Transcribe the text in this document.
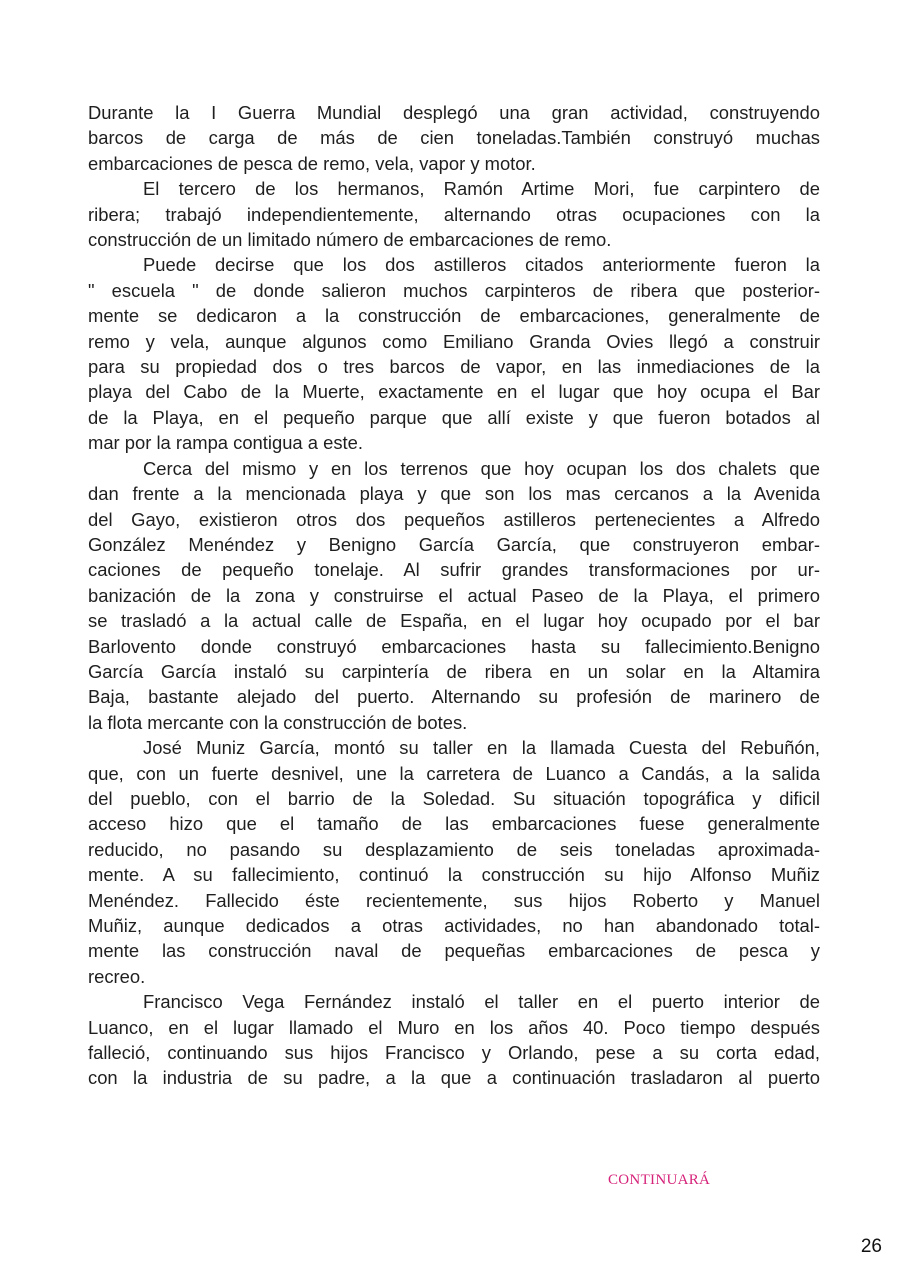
Durante la I Guerra Mundial desplegó una gran actividad, construyendo
barcos de carga de más de cien toneladas.También construyó muchas
embarcaciones de pesca de remo, vela, vapor y motor.
El tercero de los hermanos, Ramón Artime Mori, fue carpintero de
ribera; trabajó independientemente, alternando otras ocupaciones con la
construcción de un limitado número de embarcaciones de remo.
Puede decirse que los dos astilleros citados anteriormente fueron la
" escuela " de donde salieron muchos carpinteros de ribera que posterior-
mente se dedicaron a la construcción de embarcaciones, generalmente de
remo y vela, aunque algunos como Emiliano Granda Ovies llegó a construir
para su propiedad dos o tres barcos de vapor, en las inmediaciones de la
playa del Cabo de la Muerte, exactamente en el lugar que hoy ocupa el Bar
de la Playa, en el pequeño parque que allí existe y que fueron botados al
mar por la rampa contigua a este.
Cerca del mismo y en los terrenos que hoy ocupan los dos chalets que
dan frente a la mencionada playa y que son los mas cercanos a la Avenida
del Gayo, existieron otros dos pequeños astilleros pertenecientes a Alfredo
González Menéndez y Benigno García García, que construyeron embar-
caciones de pequeño tonelaje. Al sufrir grandes transformaciones por ur-
banización de la zona y construirse el actual Paseo de la Playa, el primero
se trasladó a la actual calle de España, en el lugar hoy ocupado por el bar
Barlovento donde construyó embarcaciones hasta su fallecimiento.Benigno
García García instaló su carpintería de ribera en un solar en la Altamira
Baja, bastante alejado del puerto. Alternando su profesión de marinero de
la flota mercante con la construcción de botes.
José Muniz García, montó su taller en la llamada Cuesta del Rebuñón,
que, con un fuerte desnivel, une la carretera de Luanco a Candás, a la salida
del pueblo, con el barrio de la Soledad. Su situación topográfica y dificil
acceso hizo que el tamaño de las embarcaciones fuese generalmente
reducido, no pasando su desplazamiento de seis toneladas aproximada-
mente. A su fallecimiento, continuó la construcción su hijo Alfonso Muñiz
Menéndez. Fallecido éste recientemente, sus hijos Roberto y Manuel
Muñiz, aunque dedicados a otras actividades, no han abandonado total-
mente las construcción naval de pequeñas embarcaciones de pesca y
recreo.
Francisco Vega Fernández instaló el taller en el puerto interior de
Luanco, en el lugar llamado el Muro en los años 40. Poco tiempo después
falleció, continuando sus hijos Francisco y Orlando, pese a su corta edad,
con la industria de su padre, a la que a continuación trasladaron al puerto
CONTINUARÁ
26
